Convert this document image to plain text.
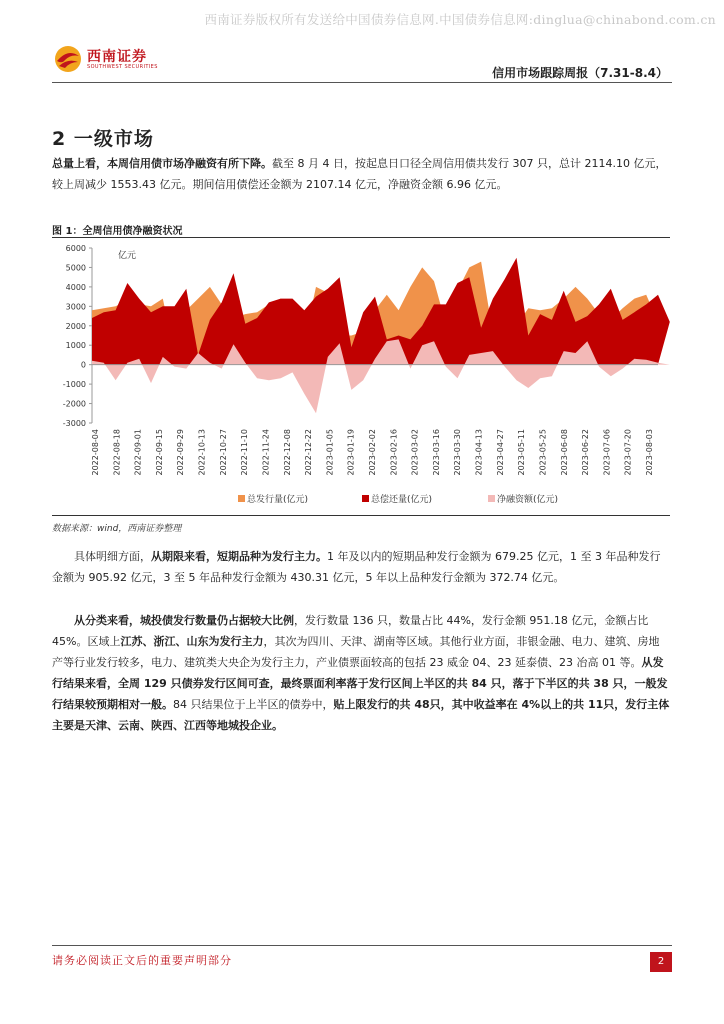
西南证券版权所有发送给中国债券信息网.中国债券信息网:dinglua@chinabond.com.cn
西南证券
SOUTHWEST SECURITIES	信用市场跟踪周报（7.31-8.4）
2 一级市场

总量上看，本周信用债市场净融资有所下降。截至 8 月 4 日，按起息日口径全周信用债共发行 307 只，总计 2114.10 亿元，较上周减少 1553.43 亿元。期间信用债偿还金额为 2107.14 亿元，净融资金额 6.96 亿元。

图 1：全周信用债净融资状况
-3000
-2000
-1000
0
1000
2000
3000
4000
5000
6000
亿元
2022-08-04 2022-08-18 2022-09-01 2022-09-15 2022-09-29 2022-10-13 2022-10-27 2022-11-10 2022-11-24 2022-12-08 2022-12-22 2023-01-05 2023-01-19 2023-02-02 2023-02-16 2023-03-02 2023-03-16 2023-03-30 2023-04-13 2023-04-27 2023-05-11 2023-05-25 2023-06-08 2023-06-22 2023-07-06 2023-07-20 2023-08-03
总发行量(亿元)	总偿还量(亿元)	净融资额(亿元)
数据来源：wind，西南证券整理

具体明细方面，从期限来看，短期品种为发行主力。1 年及以内的短期品种发行金额为 679.25 亿元，1 至 3 年品种发行金额为 905.92 亿元，3 至 5 年品种发行金额为 430.31 亿元，5 年以上品种发行金额为 372.74 亿元。

从分类来看，城投债发行数量仍占据较大比例，发行数量 136 只，数量占比 44%，发行金额 951.18 亿元，金额占比 45%。区域上江苏、浙江、山东为发行主力，其次为四川、天津、湖南等区域。其他行业方面，非银金融、电力、建筑、房地产等行业发行较多，电力、建筑类大央企为发行主力，产业债票面较高的包括 23 威金 04、23 延泰债、23 冶高 01 等。从发行结果来看，全周 129 只债券发行区间可查，最终票面利率落于发行区间上半区的共 84 只，落于下半区的共 38 只，一般发行结果较预期相对一般。84 只结果位于上半区的债券中，贴上限发行的共 48只，其中收益率在 4%以上的共 11只，发行主体主要是天津、云南、陕西、江西等地城投企业。

请务必阅读正文后的重要声明部分	2
